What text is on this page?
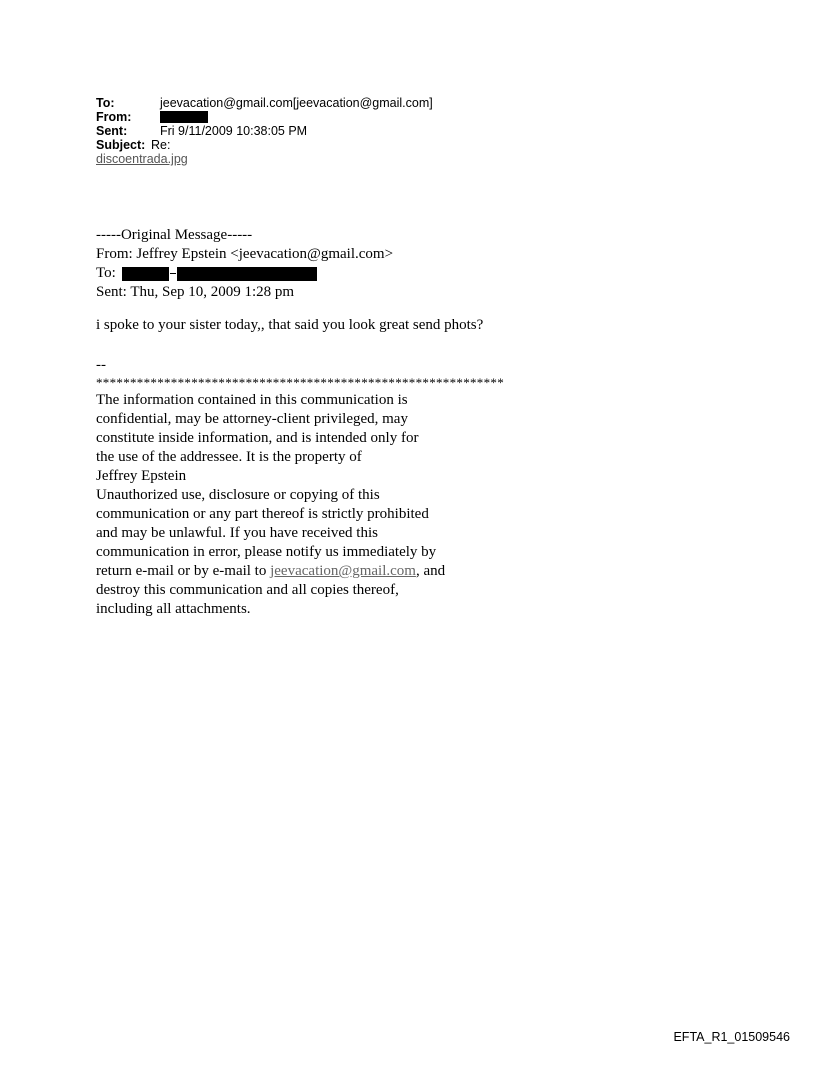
To:	jeevacation@gmail.com[jeevacation@gmail.com]
From:
Sent:	Fri 9/11/2009 10:38:05 PM
Subject: Re:
discoentrada.jpg
-----Original Message-----
From: Jeffrey Epstein <jeevacation@gmail.com>
To:
Sent: Thu, Sep 10, 2009 1:28 pm
i spoke to your sister today,, that said you look great send phots?
--
************************************************************
The information contained in this communication is
confidential, may be attorney-client privileged, may
constitute inside information, and is intended only for
the use of the addressee. It is the property of
Jeffrey Epstein
Unauthorized use, disclosure or copying of this
communication or any part thereof is strictly prohibited
and may be unlawful. If you have received this
communication in error, please notify us immediately by
return e-mail or by e-mail to jeevacation@gmail.com, and
destroy this communication and all copies thereof,
including all attachments.
EFTA_R1_01509546
